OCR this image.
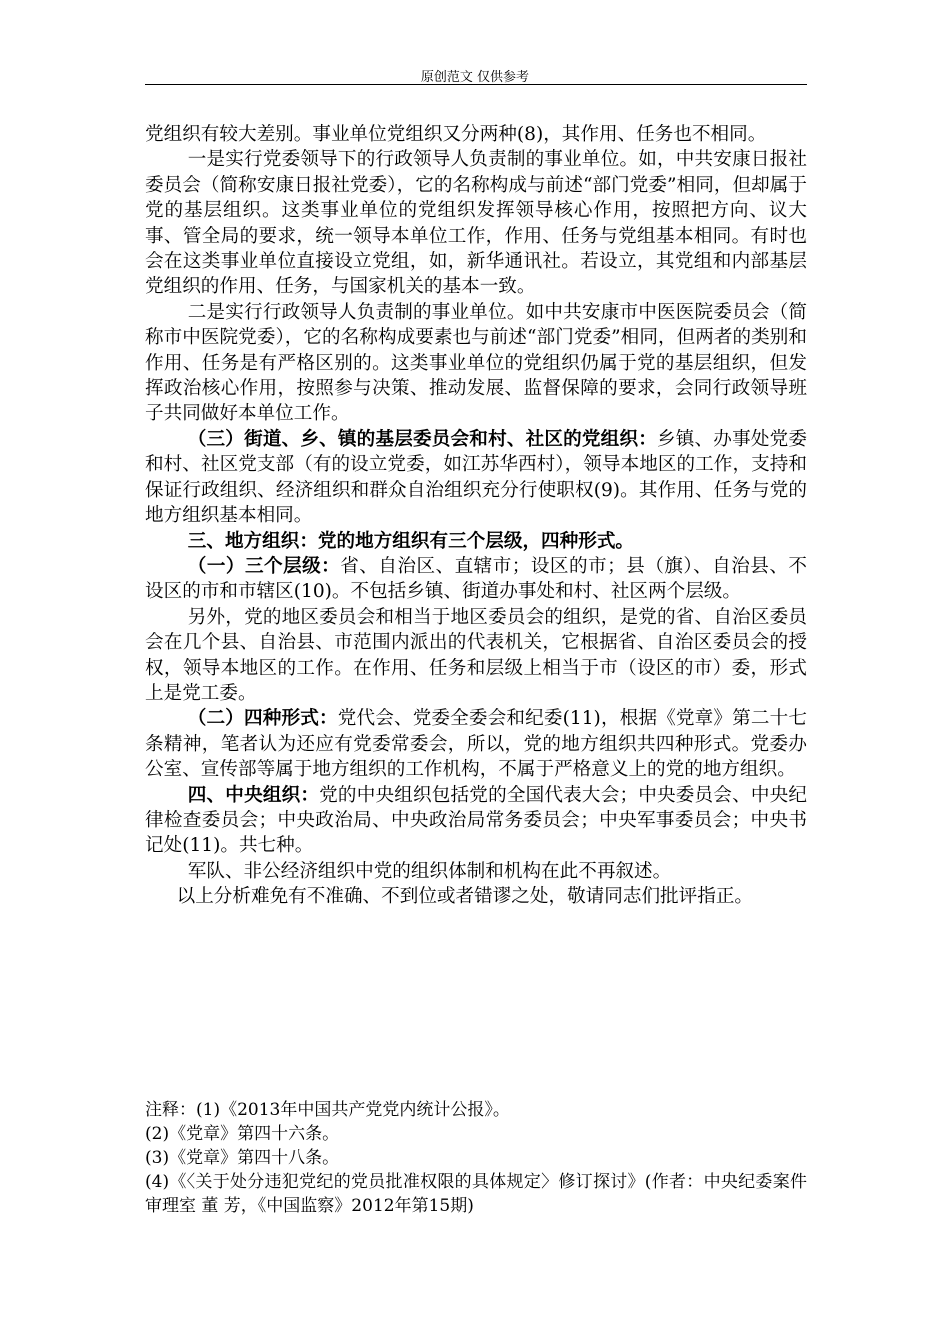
原创范文 仅供参考

党组织有较大差别。事业单位党组织又分两种(8)，其作用、任务也不相同。

一是实行党委领导下的行政领导人负责制的事业单位。如，中共安康日报社委员会（简称安康日报社党委），它的名称构成与前述“部门党委”相同，但却属于党的基层组织。这类事业单位的党组织发挥领导核心作用，按照把方向、议大事、管全局的要求，统一领导本单位工作，作用、任务与党组基本相同。有时也会在这类事业单位直接设立党组，如，新华通讯社。若设立，其党组和内部基层党组织的作用、任务，与国家机关的基本一致。

二是实行行政领导人负责制的事业单位。如中共安康市中医医院委员会（简称市中医院党委），它的名称构成要素也与前述“部门党委”相同，但两者的类别和作用、任务是有严格区别的。这类事业单位的党组织仍属于党的基层组织，但发挥政治核心作用，按照参与决策、推动发展、监督保障的要求，会同行政领导班子共同做好本单位工作。

（三）街道、乡、镇的基层委员会和村、社区的党组织：乡镇、办事处党委和村、社区党支部（有的设立党委，如江苏华西村），领导本地区的工作，支持和保证行政组织、经济组织和群众自治组织充分行使职权(9)。其作用、任务与党的地方组织基本相同。

三、地方组织：党的地方组织有三个层级，四种形式。

（一）三个层级：省、自治区、直辖市；设区的市；县（旗）、自治县、不设区的市和市辖区(10)。不包括乡镇、街道办事处和村、社区两个层级。

另外，党的地区委员会和相当于地区委员会的组织，是党的省、自治区委员会在几个县、自治县、市范围内派出的代表机关，它根据省、自治区委员会的授权，领导本地区的工作。在作用、任务和层级上相当于市（设区的市）委，形式上是党工委。

（二）四种形式：党代会、党委全委会和纪委(11)，根据《党章》第二十七条精神，笔者认为还应有党委常委会，所以，党的地方组织共四种形式。党委办公室、宣传部等属于地方组织的工作机构，不属于严格意义上的党的地方组织。

四、中央组织：党的中央组织包括党的全国代表大会；中央委员会、中央纪律检查委员会；中央政治局、中央政治局常务委员会；中央军事委员会；中央书记处(11)。共七种。

军队、非公经济组织中党的组织体制和机构在此不再叙述。

以上分析难免有不准确、不到位或者错谬之处，敬请同志们批评指正。

注释：(1)《2013年中国共产党党内统计公报》。

(2)《党章》第四十六条。

(3)《党章》第四十八条。

(4)《〈关于处分违犯党纪的党员批准权限的具体规定〉修订探讨》(作者：中央纪委案件审理室 董 芳，《中国监察》2012年第15期)
